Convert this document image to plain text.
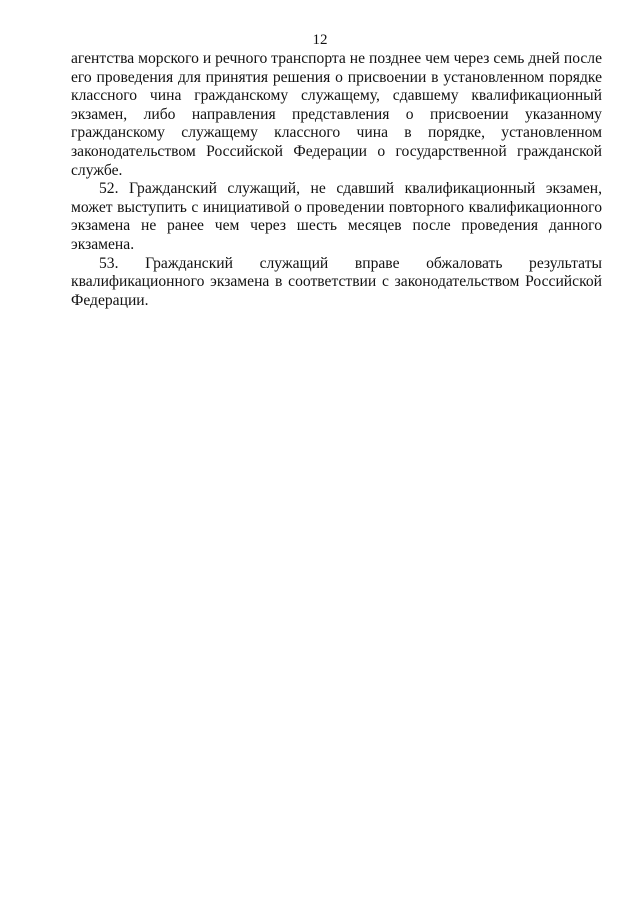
12

агентства морского и речного транспорта не позднее чем через семь дней после его проведения для принятия решения о присвоении в установленном порядке классного чина гражданскому служащему, сдавшему квалификационный экзамен, либо направления представления о присвоении указанному гражданскому служащему классного чина в порядке, установленном законодательством Российской Федерации о государственной гражданской службе.

52. Гражданский служащий, не сдавший квалификационный экзамен, может выступить с инициативой о проведении повторного квалификационного экзамена не ранее чем через шесть месяцев после проведения данного экзамена.

53. Гражданский служащий вправе обжаловать результаты квалификационного экзамена в соответствии с законодательством Российской Федерации.
